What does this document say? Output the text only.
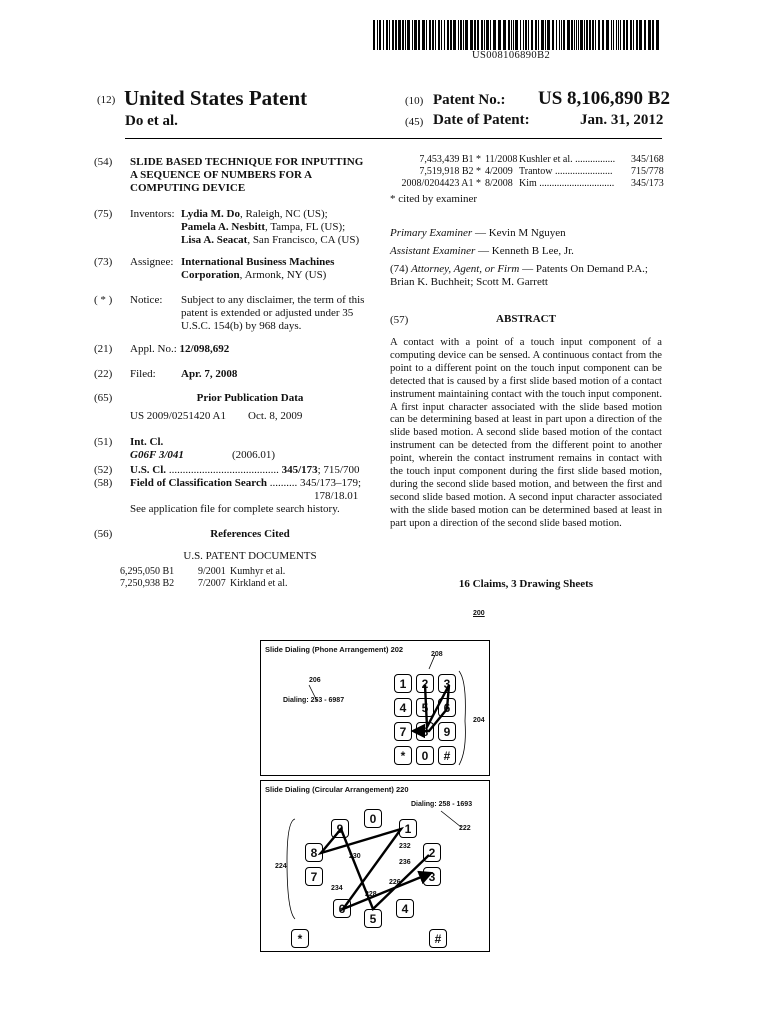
US008106890B2
(12) United States Patent
Do et al.
(10) Patent No.: US 8,106,890 B2
(45) Date of Patent:	Jan. 31, 2012
(54) SLIDE BASED TECHNIQUE FOR INPUTTING
A SEQUENCE OF NUMBERS FOR A
COMPUTING DEVICE
(75) Inventors: Lydia M. Do, Raleigh, NC (US);
Pamela A. Nesbitt, Tampa, FL (US);
Lisa A. Seacat, San Francisco, CA (US)
(73) Assignee: International Business Machines
Corporation, Armonk, NY (US)
( * ) Notice: Subject to any disclaimer, the term of this
patent is extended or adjusted under 35
U.S.C. 154(b) by 968 days.
(21) Appl. No.: 12/098,692
(22) Filed: Apr. 7, 2008
(65)	Prior Publication Data
US 2009/0251420 A1 Oct. 8, 2009
(51) Int. Cl.
G06F 3/041	(2006.01)
(52) U.S. Cl. ........................................ 345/173; 715/700
(58) Field of Classification Search .......... 345/173–179;
178/18.01
See application file for complete search history.
(56)	References Cited
U.S. PATENT DOCUMENTS
6,295,050 B1	9/2001 Kumhyr et al.
7,250,938 B2	7/2007 Kirkland et al.
7,453,439 B1 * 11/2008 Kushler et al. ................	345/168
7,519,918 B2 * 4/2009 Trantow .......................	715/778
2008/0204423 A1 * 8/2008 Kim ..............................	345/173
* cited by examiner
Primary Examiner — Kevin M Nguyen
Assistant Examiner — Kenneth B Lee, Jr.
(74) Attorney, Agent, or Firm — Patents On Demand P.A.;
Brian K. Buchheit; Scott M. Garrett
(57)	ABSTRACT
A contact with a point of a touch input component of a computing device can be sensed. A continuous contact from the point to a different point on the touch input component can be detected that is caused by a first slide based motion of a contact instrument maintaining contact with the touch input component. A first input character associated with the slide based motion can be determining based at least in part upon a direction of the slide based motion. A second slide based motion of the contact instrument can be detected from the different point to another point, wherein the contact instrument remains in contact with the touch input component during the first slide based motion, during the second slide based motion, and between the first and second slide based motion. A second input character associated with the slide based motion can be determined based at least in part upon a direction of the second slide based motion.
16 Claims, 3 Drawing Sheets
200
Slide Dialing (Phone Arrangement) 202
208
206
Dialing: 253 - 6987
204
1	2	3
4	5	6
7	8	9
*	0	#
Slide Dialing (Circular Arrangement) 220
Dialing: 258 - 1693
222
224
230
232
236
226
228
234
0
1
2
3
4
5
6
7
8
9
*	#
